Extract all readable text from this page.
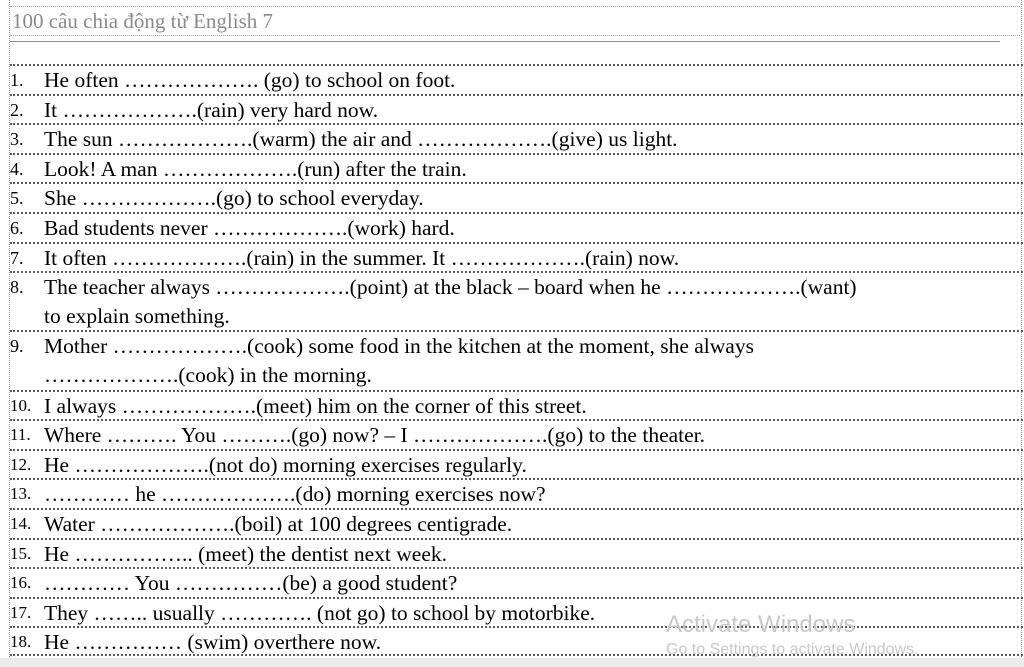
100 câu chia động từ English 7
1. He often ………………. (go) to school on foot.
2. It ……………….(rain) very hard now.
3. The sun ……………….(warm) the air and ……………….(give) us light.
4. Look! A man ……………….(run) after the train.
5. She ……………….(go) to school everyday.
6. Bad students never ……………….(work) hard.
7. It often ……………….(rain) in the summer. It ……………….(rain) now.
8. The teacher always ……………….(point) at the black – board when he ……………….(want)
to explain something.
9. Mother ……………….(cook) some food in the kitchen at the moment, she always
……………….(cook) in the morning.
10. I always ……………….(meet) him on the corner of this street.
11. Where ………. You ……….(go) now? – I ……………….(go) to the theater.
12. He ……………….(not do) morning exercises regularly.
13. ………… he ……………….(do) morning exercises now?
14. Water ……………….(boil) at 100 degrees centigrade.
15. He …………….. (meet) the dentist next week.
16. ………… You ……………(be) a good student?
17. They …….. usually …………. (not go) to school by motorbike.
18. He …………… (swim) overthere now.
Activate Windows
Go to Settings to activate Windows.
